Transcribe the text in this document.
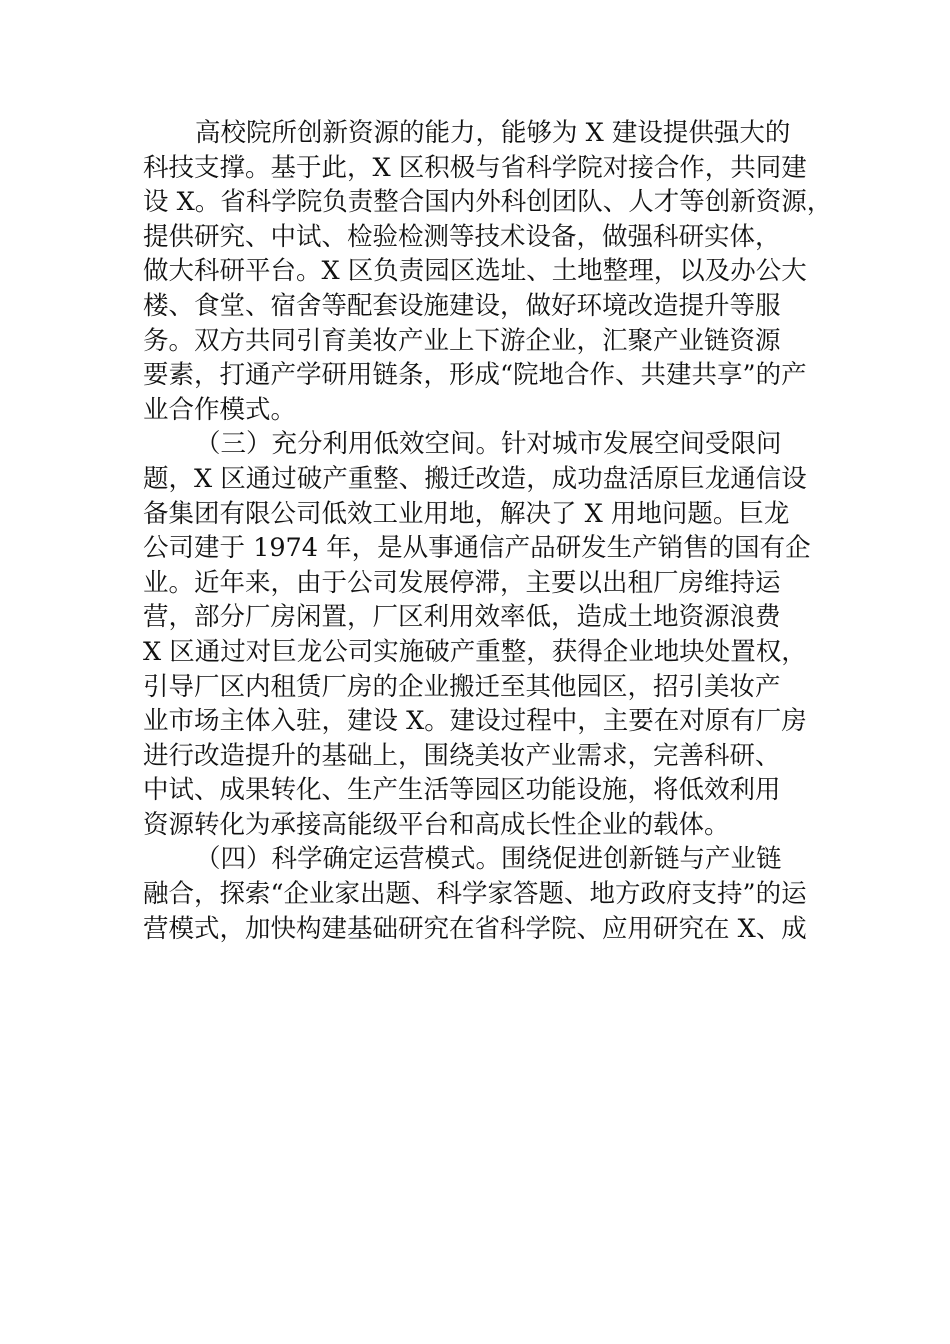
高校院所创新资源的能力，能够为 X 建设提供强大的
科技支撑。基于此，X 区积极与省科学院对接合作，共同建
设 X。省科学院负责整合国内外科创团队、人才等创新资源，
提供研究、中试、检验检测等技术设备，做强科研实体，
做大科研平台。X 区负责园区选址、土地整理，以及办公大
楼、食堂、宿舍等配套设施建设，做好环境改造提升等服
务。双方共同引育美妆产业上下游企业，汇聚产业链资源
要素，打通产学研用链条，形成“院地合作、共建共享”的产
业合作模式。
（三）充分利用低效空间。针对城市发展空间受限问
题，X 区通过破产重整、搬迁改造，成功盘活原巨龙通信设
备集团有限公司低效工业用地，解决了 X 用地问题。巨龙
公司建于 1974 年，是从事通信产品研发生产销售的国有企
业。近年来，由于公司发展停滞，主要以出租厂房维持运
营，部分厂房闲置，厂区利用效率低，造成土地资源浪费
X 区通过对巨龙公司实施破产重整，获得企业地块处置权，
引导厂区内租赁厂房的企业搬迁至其他园区，招引美妆产
业市场主体入驻，建设 X。建设过程中，主要在对原有厂房
进行改造提升的基础上，围绕美妆产业需求，完善科研、
中试、成果转化、生产生活等园区功能设施，将低效利用
资源转化为承接高能级平台和高成长性企业的载体。
（四）科学确定运营模式。围绕促进创新链与产业链
融合，探索“企业家出题、科学家答题、地方政府支持”的运
营模式，加快构建基础研究在省科学院、应用研究在 X、成
